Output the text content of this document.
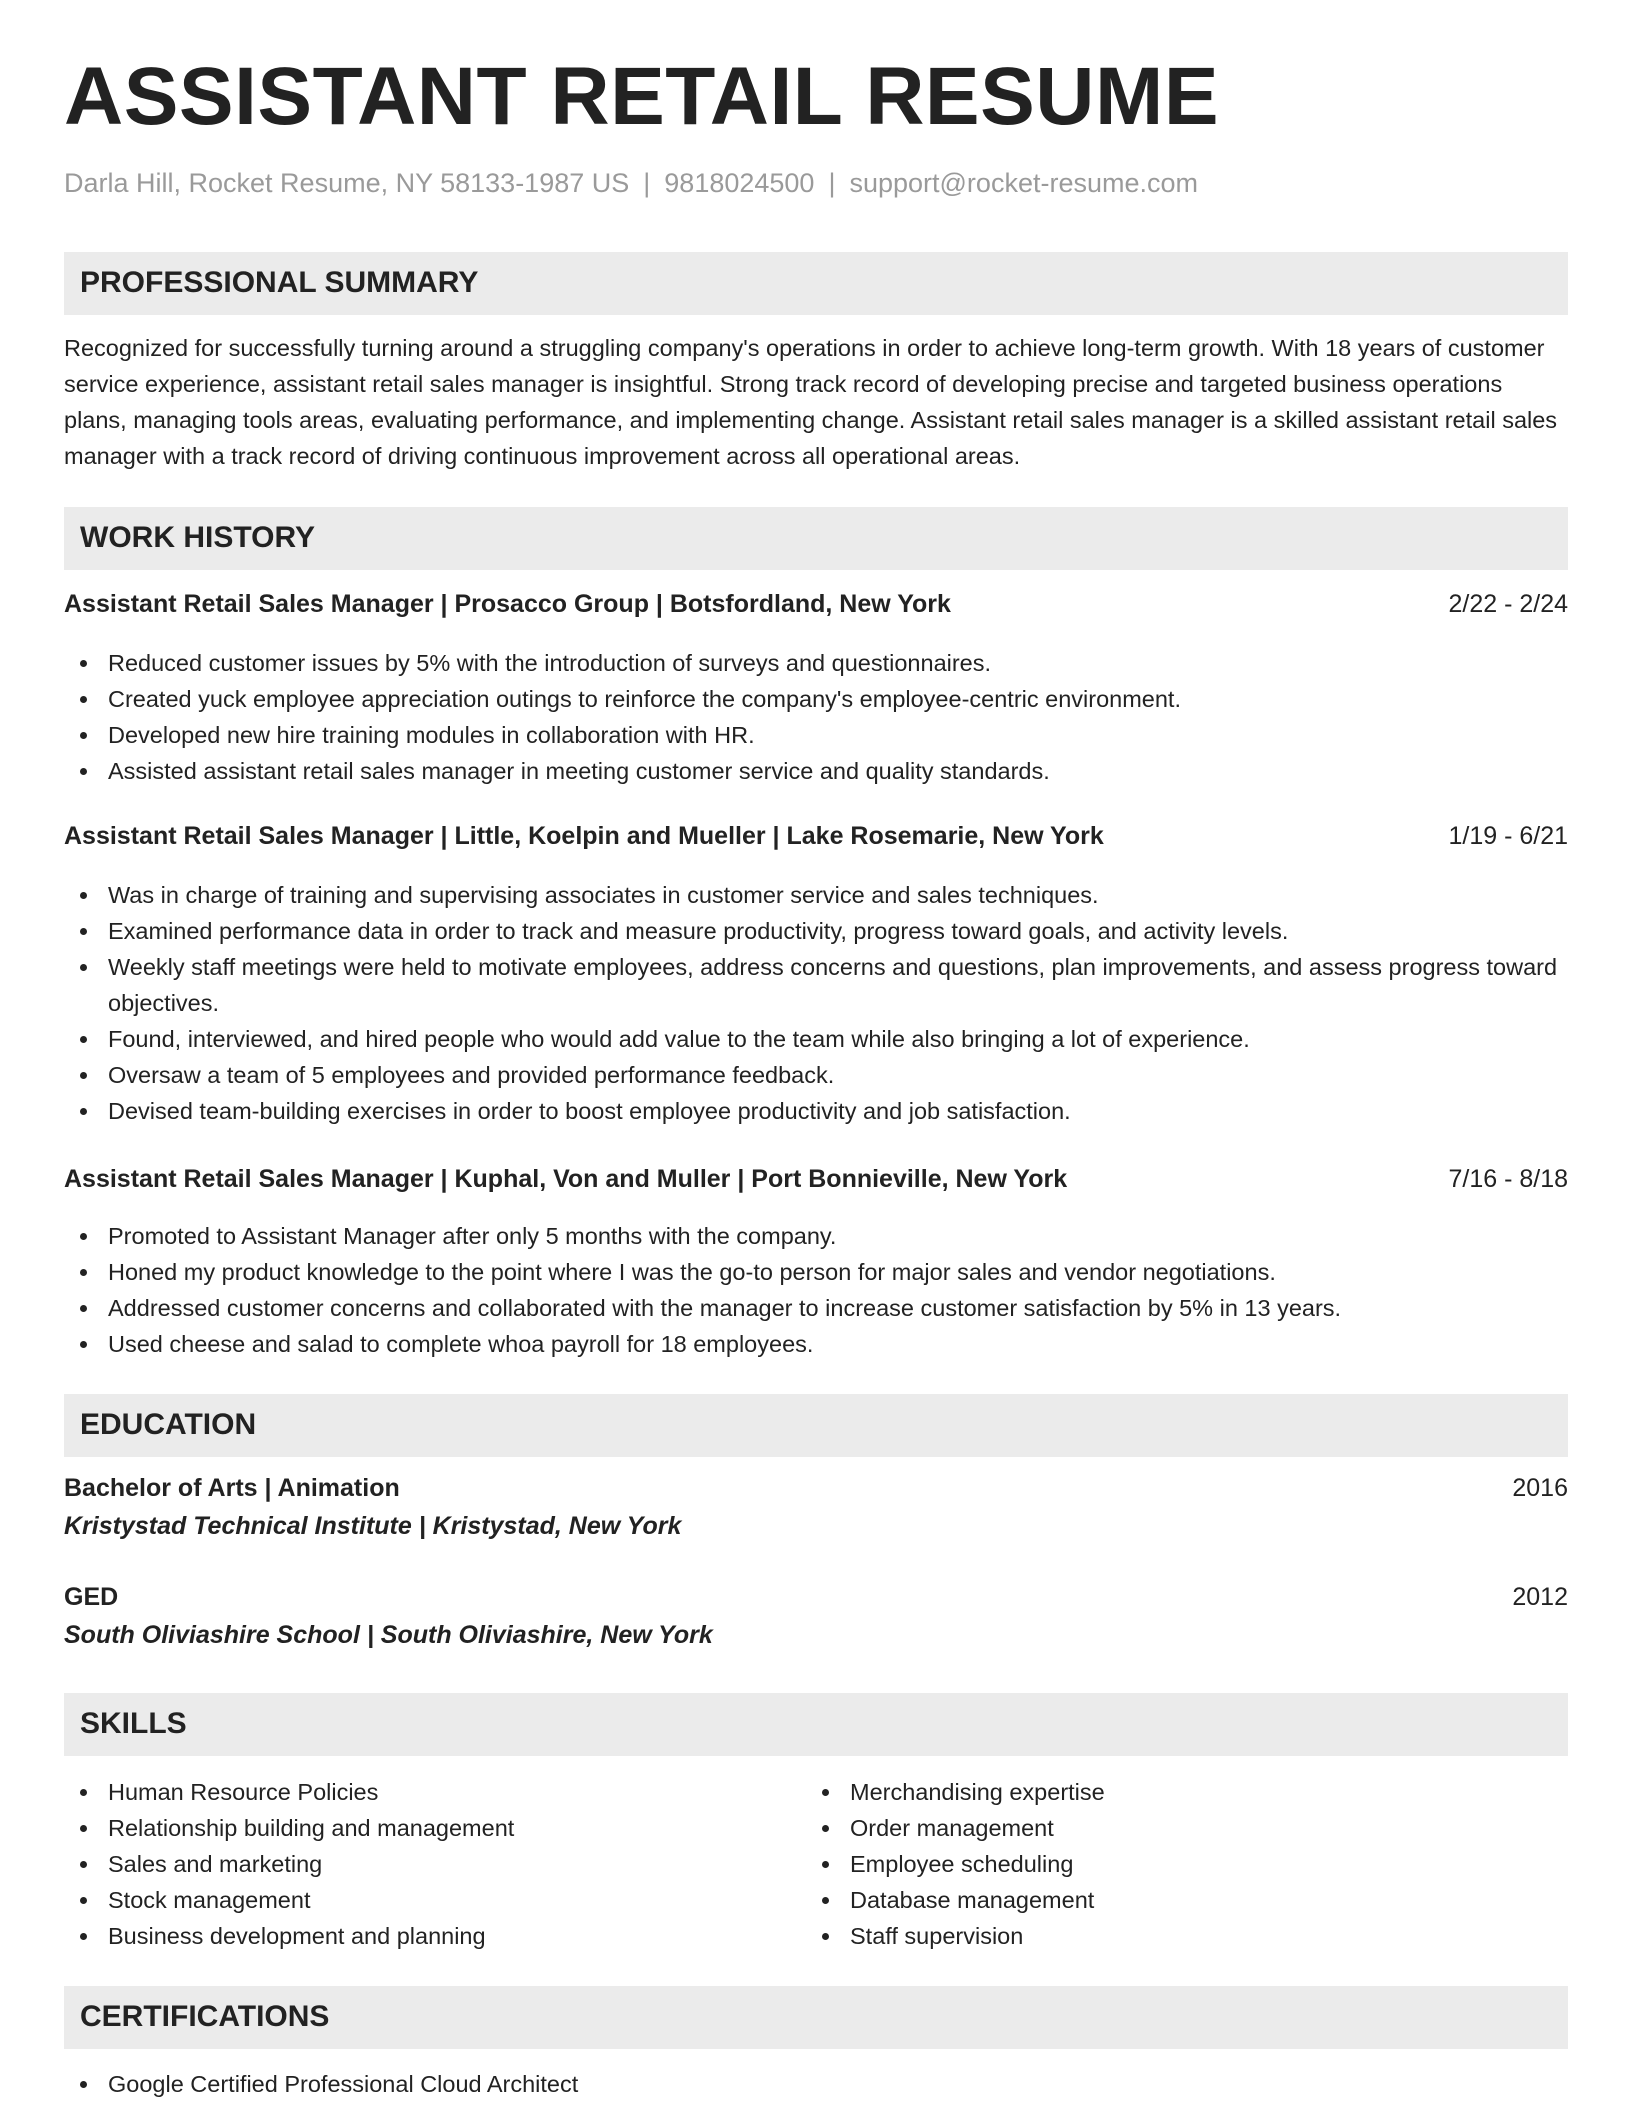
ASSISTANT RETAIL RESUME
Darla Hill, Rocket Resume, NY 58133-1987 US | 9818024500 | support@rocket-resume.com
PROFESSIONAL SUMMARY

Recognized for successfully turning around a struggling company's operations in order to achieve long-term growth. With 18 years of customer service experience, assistant retail sales manager is insightful. Strong track record of developing precise and targeted business operations plans, managing tools areas, evaluating performance, and implementing change. Assistant retail sales manager is a skilled assistant retail sales manager with a track record of driving continuous improvement across all operational areas.

WORK HISTORY
Assistant Retail Sales Manager | Prosacco Group | Botsfordland, New York	2/22 - 2/24
Reduced customer issues by 5% with the introduction of surveys and questionnaires.
Created yuck employee appreciation outings to reinforce the company's employee-centric environment.
Developed new hire training modules in collaboration with HR.
Assisted assistant retail sales manager in meeting customer service and quality standards.
Assistant Retail Sales Manager | Little, Koelpin and Mueller | Lake Rosemarie, New York	1/19 - 6/21
Was in charge of training and supervising associates in customer service and sales techniques.
Examined performance data in order to track and measure productivity, progress toward goals, and activity levels.
Weekly staff meetings were held to motivate employees, address concerns and questions, plan improvements, and assess progress toward objectives.
Found, interviewed, and hired people who would add value to the team while also bringing a lot of experience.
Oversaw a team of 5 employees and provided performance feedback.
Devised team-building exercises in order to boost employee productivity and job satisfaction.
Assistant Retail Sales Manager | Kuphal, Von and Muller | Port Bonnieville, New York	7/16 - 8/18
Promoted to Assistant Manager after only 5 months with the company.
Honed my product knowledge to the point where I was the go-to person for major sales and vendor negotiations.
Addressed customer concerns and collaborated with the manager to increase customer satisfaction by 5% in 13 years.
Used cheese and salad to complete whoa payroll for 18 employees.
EDUCATION
Bachelor of Arts | Animation	2016
Kristystad Technical Institute | Kristystad, New York
GED	2012
South Oliviashire School | South Oliviashire, New York
SKILLS
Human Resource Policies
Relationship building and management
Sales and marketing
Stock management
Business development and planning
Merchandising expertise
Order management
Employee scheduling
Database management
Staff supervision
CERTIFICATIONS
Google Certified Professional Cloud Architect
